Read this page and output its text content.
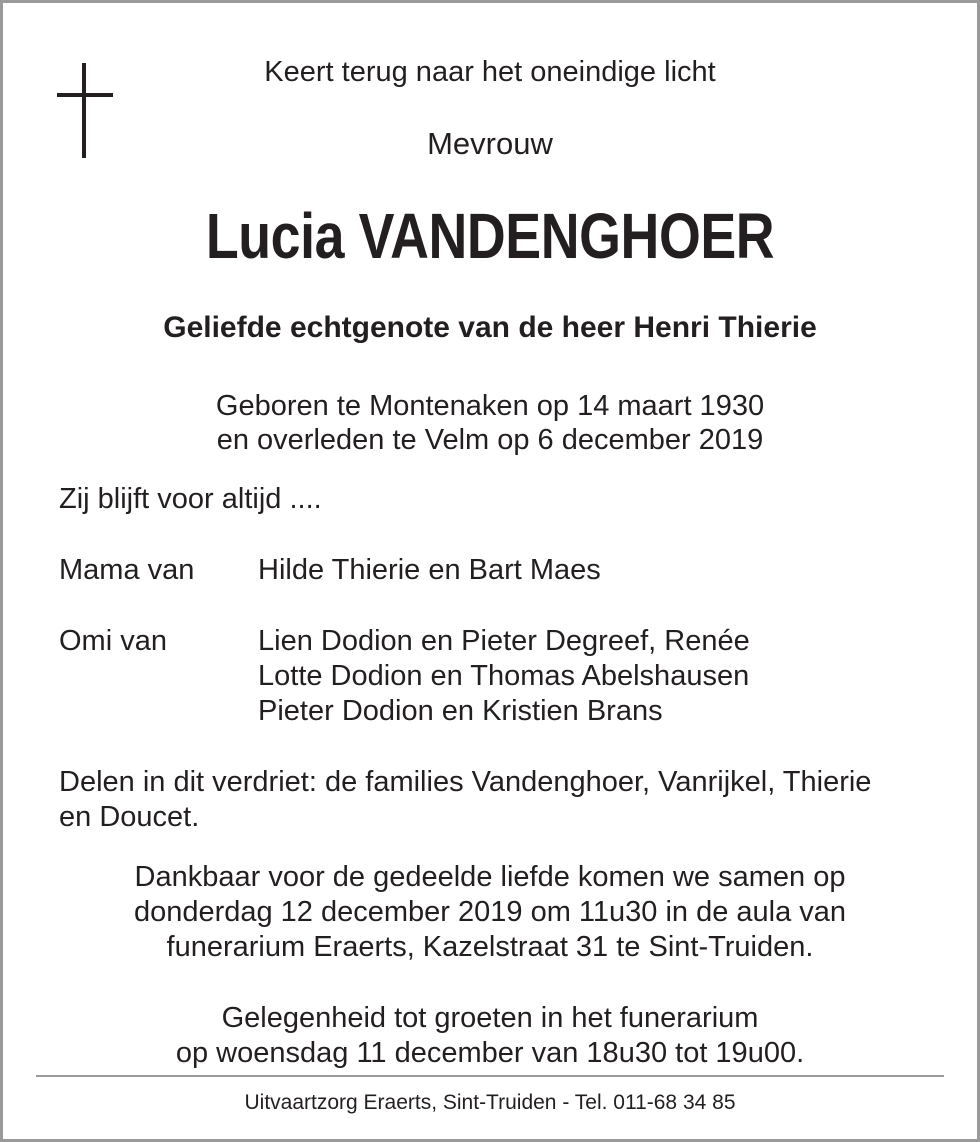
Keert terug naar het oneindige licht
Mevrouw
Lucia VANDENGHOER
Geliefde echtgenote van de heer Henri Thierie
Geboren te Montenaken op 14 maart 1930
en overleden te Velm op 6 december 2019
Zij blijft voor altijd ....
Mama van Hilde Thierie en Bart Maes
Omi van	Lien Dodion en Pieter Degreef, Renée
Lotte Dodion en Thomas Abelshausen
Pieter Dodion en Kristien Brans
Delen in dit verdriet: de families Vandenghoer, Vanrijkel, Thierie
en Doucet.
Dankbaar voor de gedeelde liefde komen we samen op
donderdag 12 december 2019 om 11u30 in de aula van
funerarium Eraerts, Kazelstraat 31 te Sint-Truiden.
Gelegenheid tot groeten in het funerarium
op woensdag 11 december van 18u30 tot 19u00.
Uitvaartzorg Eraerts, Sint-Truiden - Tel. 011-68 34 85
